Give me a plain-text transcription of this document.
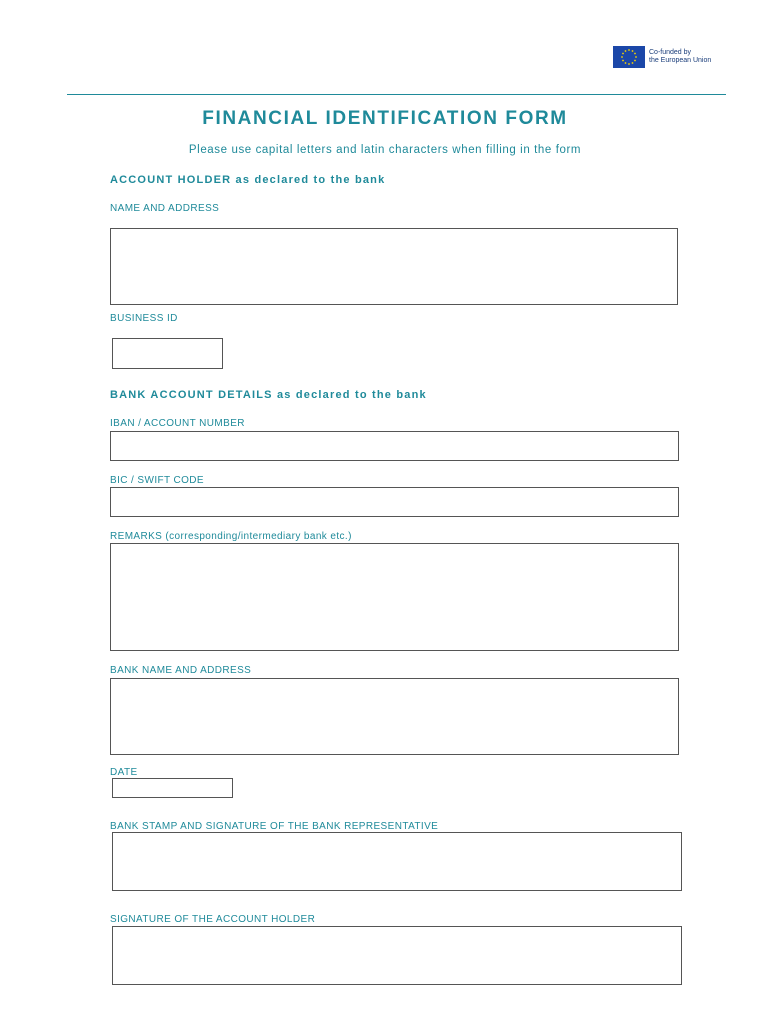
Co-funded by
the European Union
FINANCIAL IDENTIFICATION FORM
Please use capital letters and latin characters when filling in the form
ACCOUNT HOLDER as declared to the bank
NAME AND ADDRESS
BUSINESS ID
BANK ACCOUNT DETAILS as declared to the bank
IBAN / ACCOUNT NUMBER
BIC / SWIFT CODE
REMARKS (corresponding/intermediary bank etc.)
BANK NAME AND ADDRESS
DATE
BANK STAMP AND SIGNATURE OF THE BANK REPRESENTATIVE
SIGNATURE OF THE ACCOUNT HOLDER
